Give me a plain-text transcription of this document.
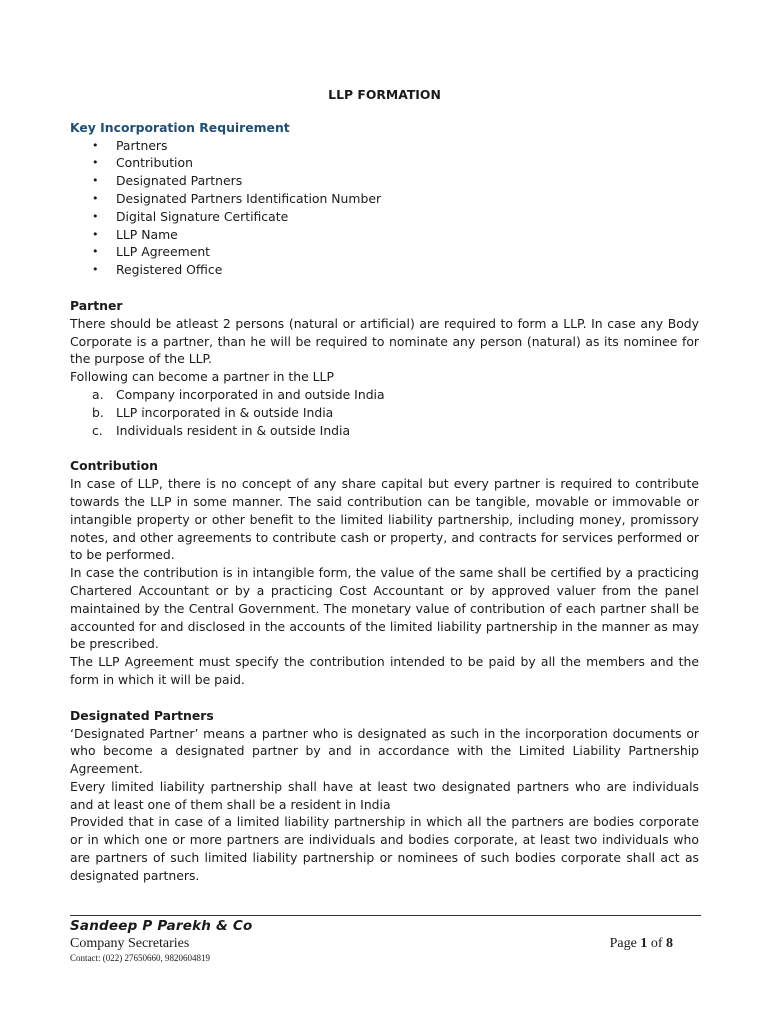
LLP FORMATION
Key Incorporation Requirement
• Partners
• Contribution
• Designated Partners
• Designated Partners Identification Number
• Digital Signature Certificate
• LLP Name
• LLP Agreement
• Registered Office
Partner

There should be atleast 2 persons (natural or artificial) are required to form a LLP. In case any Body Corporate is a partner, than he will be required to nominate any person (natural) as its nominee for the purpose of the LLP.

Following can become a partner in the LLP

a. Company incorporated in and outside India
b. LLP incorporated in & outside India
c. Individuals resident in & outside India
Contribution

In case of LLP, there is no concept of any share capital but every partner is required to contribute towards the LLP in some manner. The said contribution can be tangible, movable or immovable or intangible property or other benefit to the limited liability partnership, including money, promissory notes, and other agreements to contribute cash or property, and contracts for services performed or to be performed.

In case the contribution is in intangible form, the value of the same shall be certified by a practicing Chartered Accountant or by a practicing Cost Accountant or by approved valuer from the panel maintained by the Central Government. The monetary value of contribution of each partner shall be accounted for and disclosed in the accounts of the limited liability partnership in the manner as may be prescribed.

The LLP Agreement must specify the contribution intended to be paid by all the members and the form in which it will be paid.

Designated Partners

‘Designated Partner’ means a partner who is designated as such in the incorporation documents or who become a designated partner by and in accordance with the Limited Liability Partnership Agreement.

Every limited liability partnership shall have at least two designated partners who are individuals and at least one of them shall be a resident in India

Provided that in case of a limited liability partnership in which all the partners are bodies corporate or in which one or more partners are individuals and bodies corporate, at least two individuals who are partners of such limited liability partnership or nominees of such bodies corporate shall act as designated partners.

Sandeep P Parekh & Co
Company Secretaries
Contact: (022) 27650660, 9820604819
Page 1 of 8
